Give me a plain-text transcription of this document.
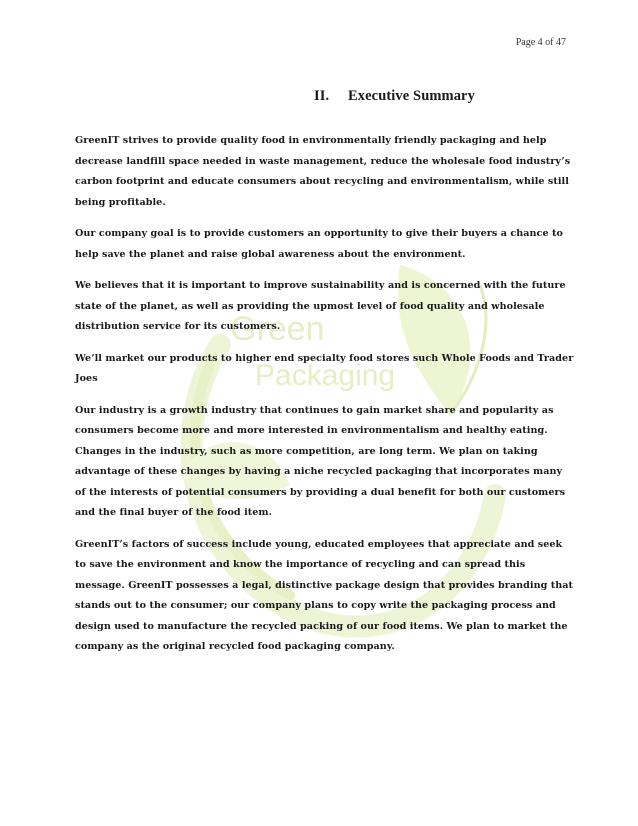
Page 4 of 47
Green
Packaging
II. Executive Summary

GreenIT strives to provide quality food in environmentally friendly packaging and help decrease landfill space needed in waste management, reduce the wholesale food industry’s carbon footprint and educate consumers about recycling and environmentalism, while still being profitable.

Our company goal is to provide customers an opportunity to give their buyers a chance to help save the planet and raise global awareness about the environment.

We believes that it is important to improve sustainability and is concerned with the future state of the planet, as well as providing the upmost level of food quality and wholesale distribution service for its customers.

We’ll market our products to higher end specialty food stores such Whole Foods and Trader Joes

Our industry is a growth industry that continues to gain market share and popularity as consumers become more and more interested in environmentalism and healthy eating. Changes in the industry, such as more competition, are long term. We plan on taking advantage of these changes by having a niche recycled packaging that incorporates many of the interests of potential consumers by providing a dual benefit for both our customers and the final buyer of the food item.

GreenIT’s factors of success include young, educated employees that appreciate and seek to save the environment and know the importance of recycling and can spread this message. GreenIT possesses a legal, distinctive package design that provides branding that stands out to the consumer; our company plans to copy write the packaging process and design used to manufacture the recycled packing of our food items. We plan to market the company as the original recycled food packaging company.
